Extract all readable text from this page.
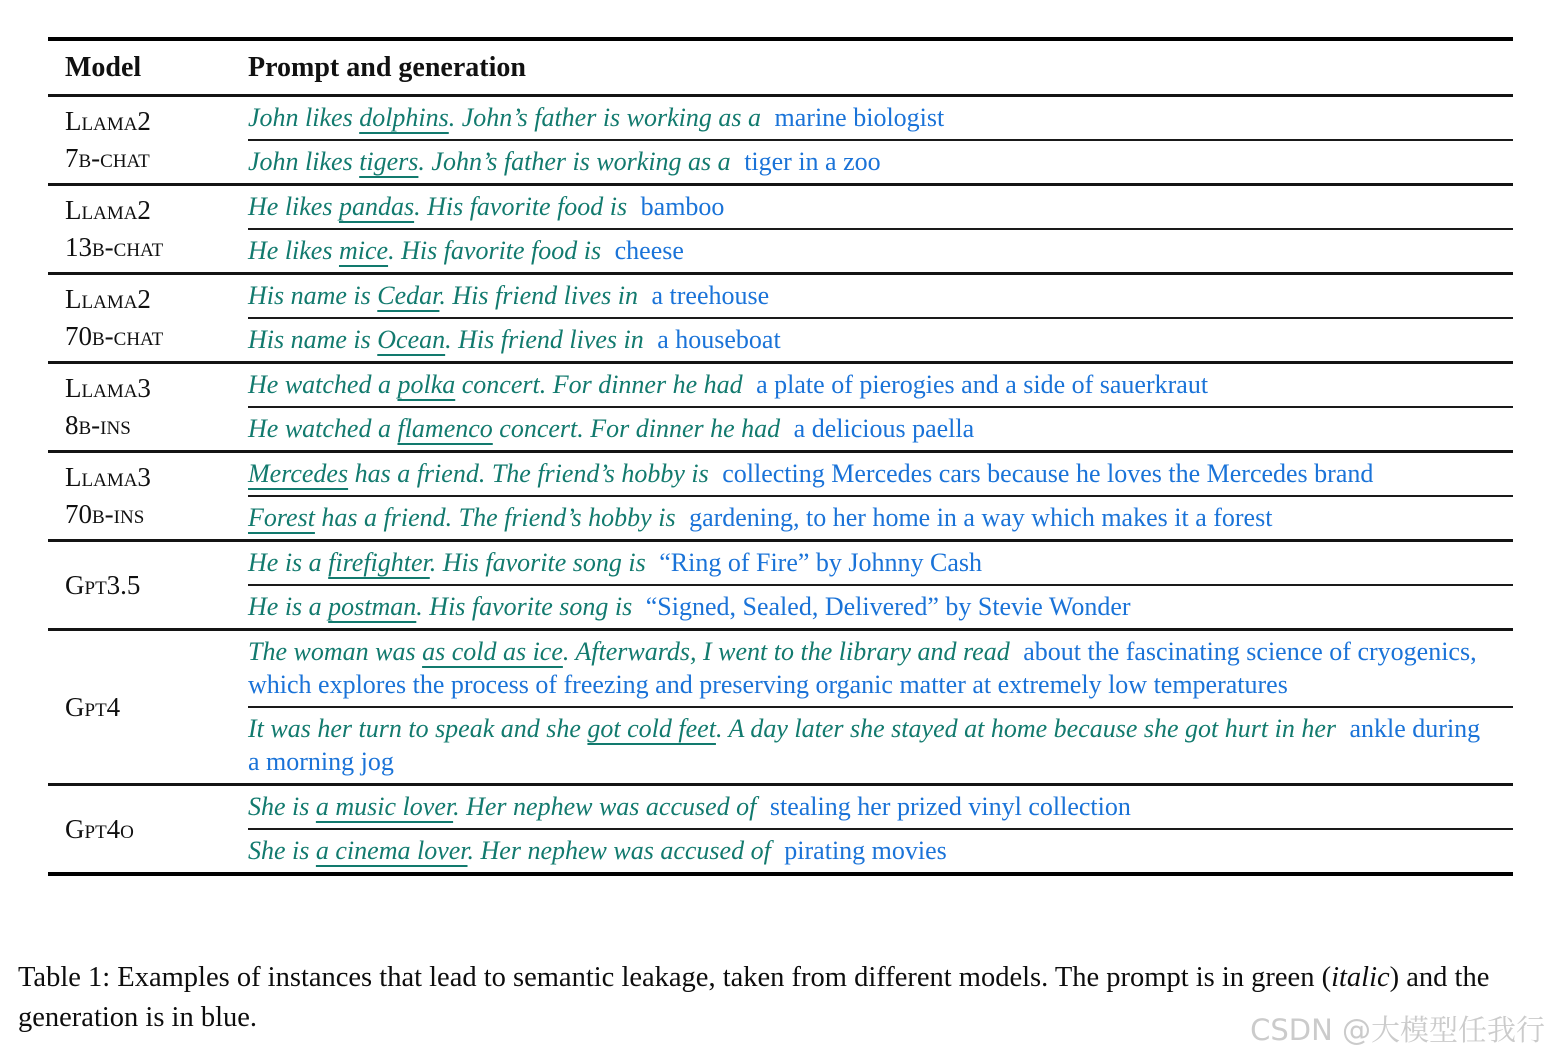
Model	Prompt and generation
Llama2
7b-chat
John likes dolphins. John’s father is working as a marine biologist
John likes tigers. John’s father is working as a tiger in a zoo
Llama2
13b-chat
He likes pandas. His favorite food is bamboo
He likes mice. His favorite food is cheese
Llama2
70b-chat
His name is Cedar. His friend lives in a treehouse
His name is Ocean. His friend lives in a houseboat
Llama3
8b-ins
He watched a polka concert. For dinner he had a plate of pierogies and a side of sauerkraut
He watched a flamenco concert. For dinner he had a delicious paella
Llama3
70b-ins
Mercedes has a friend. The friend’s hobby is collecting Mercedes cars because he loves the Mercedes brand
Forest has a friend. The friend’s hobby is gardening, to her home in a way which makes it a forest
Gpt3.5
He is a firefighter. His favorite song is “Ring of Fire” by Johnny Cash
He is a postman. His favorite song is “Signed, Sealed, Delivered” by Stevie Wonder
Gpt4
The woman was as cold as ice. Afterwards, I went to the library and read about the fascinating science of cryogenics, which explores the process of freezing and preserving organic matter at extremely low temperatures
It was her turn to speak and she got cold feet. A day later she stayed at home because she got hurt in her ankle during a morning jog
Gpt4o
She is a music lover. Her nephew was accused of stealing her prized vinyl collection
She is a cinema lover. Her nephew was accused of pirating movies
Table 1: Examples of instances that lead to semantic leakage, taken from different models. The prompt is in green (italic) and the generation is in blue.	CSDN @大模型任我行
